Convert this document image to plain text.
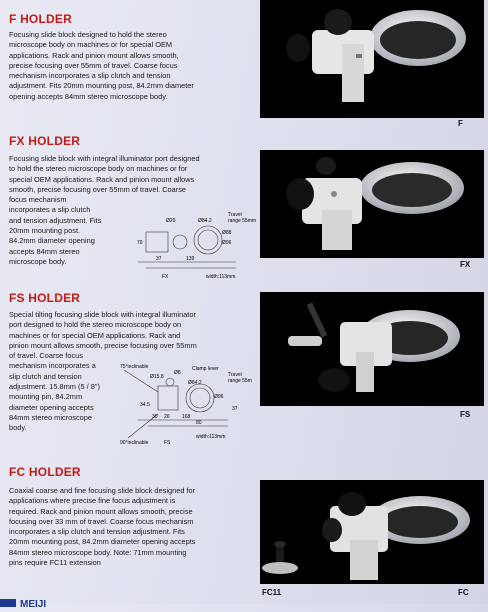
F HOLDER
Focusing slide block designed to hold the stereo
microscope body on machines or for special OEM
applications. Rack and pinion mount allows smooth,
precise focusing over 55mm of travel. Coarse focus
mechanism incorporates a slip clutch and tension
adjustment. Fits 20mm mounting post, 84.2mm diameter
opening accepts 84mm stereo microscope body.
F
FX HOLDER
Focusing slide block with integral illuminator port designed
to hold the stereo microscope body on machines or for
special OEM applications. Rack and pinion mount allows
smooth, precise focusing over 55mm of travel. Coarse
focus mechanism
incorporates a slip clutch
and tension adjustment. Fits
20mm mounting post.
84.2mm diameter opening
accepts 84mm stereo
microscope body.
Ø20	Ø84.2
Travel
range 55mm
Ø88
Ø96
70
37	139
FX	width:113mm
FX
FS HOLDER
Special tilting focusing slide block with integral illuminator
port designed to hold the stereo microscope body on
machines or for special OEM applications. Rack and
pinion mount allows smooth, precise focusing over 55mm
of travel. Coarse focus
mechanism incorporates a
slip clutch and tension
adjustment. 15.8mm (5 / 8")
mounting pin, 84.2mm
diameter opening accepts
84mm stereo microscope
body.
75°inclinable
Ø15.8
Ø8
Clamp lever
Ø84.2
Ø96
Travel
range 55m
34.5
30 20 168
80
37
90°inclinable	FS
width:113mm
FS
FC HOLDER
Coaxial coarse and fine focusing slide block designed for
applications where precise fine focus adjustment is
required. Rack and pinion mount allows smooth, precise
focusing over 33 mm of travel. Coarse focus mechanism
incorporates a slip clutch and tension adjustment. Fits
20mm mounting post, 84.2mm diameter opening accepts
84mm stereo microscope body. Note: 71mm mounting
pins require FC11 extension
FC11	FC
MEIJI
